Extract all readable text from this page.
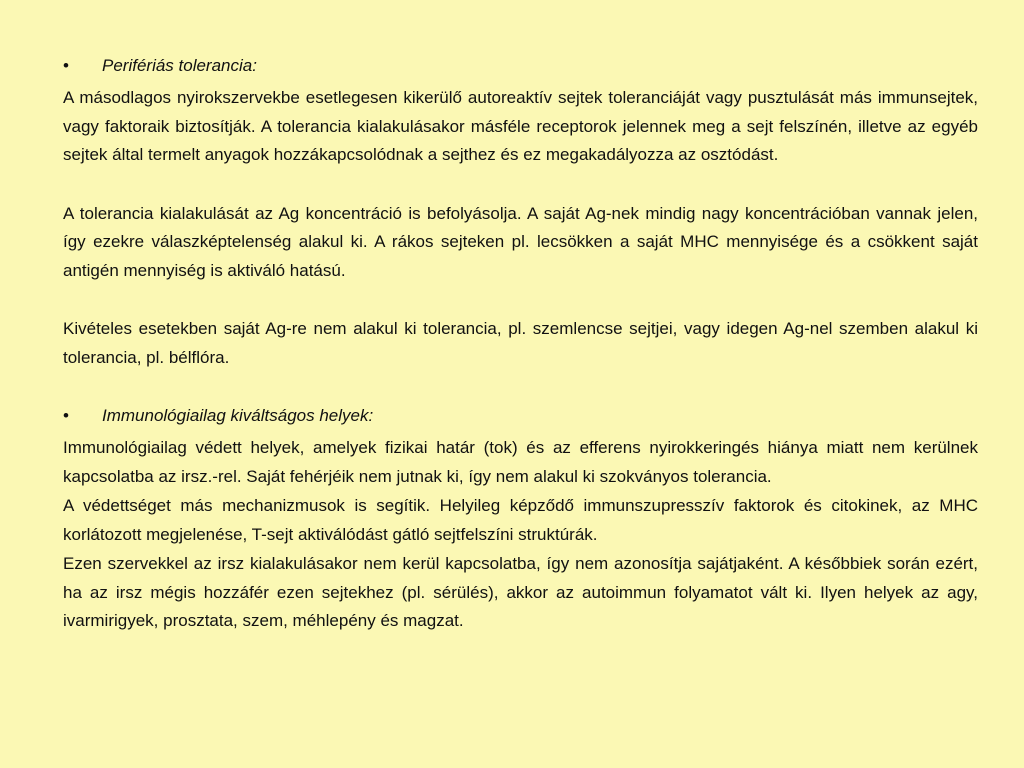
•	Perifériás tolerancia:

A másodlagos nyirokszervekbe esetlegesen kikerülő autoreaktív sejtek toleranciáját vagy pusztulását más immunsejtek, vagy faktoraik biztosítják. A tolerancia kialakulásakor másféle receptorok jelennek meg a sejt felszínén, illetve az egyéb sejtek által termelt anyagok hozzákapcsolódnak a sejthez és ez megakadályozza az osztódást.

A tolerancia kialakulását az Ag koncentráció is befolyásolja. A saját Ag-nek mindig nagy koncentrációban vannak jelen, így ezekre válaszképtelenség alakul ki. A rákos sejteken pl. lecsökken a saját MHC mennyisége és a csökkent saját antigén mennyiség is aktiváló hatású.

Kivételes esetekben saját Ag-re nem alakul ki tolerancia, pl. szemlencse sejtjei, vagy idegen Ag-nel szemben alakul ki tolerancia, pl. bélflóra.

•	Immunológiailag kiváltságos helyek:

Immunológiailag védett helyek, amelyek fizikai határ (tok) és az efferens nyirokkeringés hiánya miatt nem kerülnek kapcsolatba az irsz.-rel. Saját fehérjéik nem jutnak ki, így nem alakul ki szokványos tolerancia.

A védettséget más mechanizmusok is segítik. Helyileg képződő immunszupresszív faktorok és citokinek, az MHC korlátozott megjelenése, T-sejt aktiválódást gátló sejtfelszíni struktúrák.

Ezen szervekkel az irsz kialakulásakor nem kerül kapcsolatba, így nem azonosítja sajátjaként. A későbbiek során ezért, ha az irsz mégis hozzáfér ezen sejtekhez (pl. sérülés), akkor az autoimmun folyamatot vált ki. Ilyen helyek az agy, ivarmirigyek, prosztata, szem, méhlepény és magzat.
